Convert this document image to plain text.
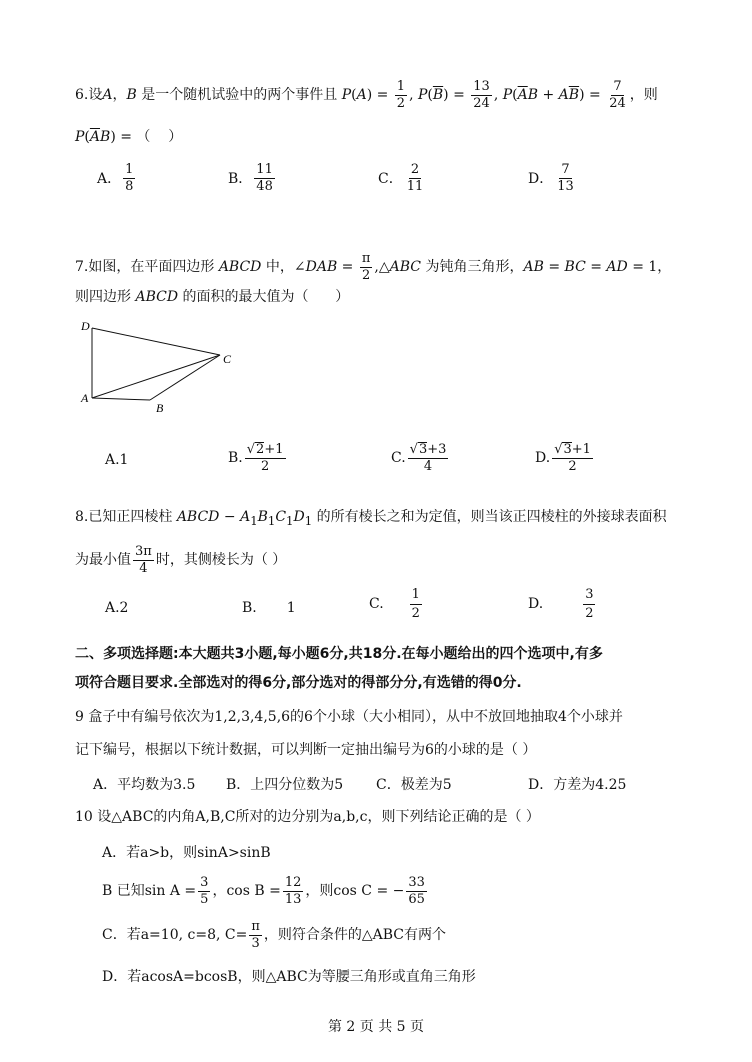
6.设A，B 是一个随机试验中的两个事件且 $P(A) = \frac{1}{2}$ , $P(\overline{B}) = \frac{13}{24}$ , $P(\overline{A}B + A\overline{B}) = \frac{7}{24}$ ，则
$P(\overline{A}B)$ = （    ）
A． $\frac{1}{8}$	B． $\frac{11}{48}$	C． $\frac{2}{11}$	D． $\frac{7}{13}$
7.如图，在平面四边形 ABCD 中，∠DAB = $\frac{\pi}{2}$ ,△ABC 为钝角三角形，AB = BC = AD = 1，
则四边形 ABCD 的面积的最大值为（      ）
D
A
B
C
A.1	B. $\frac{√2+1}{2}$	C. $\frac{√3+3}{4}$	D. $\frac{√3+1}{2}$
8.已知正四棱柱 ABCD − $A_1B_1C_1D_1$ 的所有棱长之和为定值，则当该正四棱柱的外接球表面积
为最小值 $\frac{3\pi}{4}$ 时，其侧棱长为（ ）
A.2	B. 1	C. $\frac{1}{2}$	D.	$\frac{3}{2}$
二、多项选择题:本大题共3小题,每小题6分,共18分.在每小题给出的四个选项中,有多
项符合题目要求.全部选对的得6分,部分选对的得部分分,有选错的得0分.
9 盒子中有编号依次为1,2,3,4,5,6的6个小球（大小相同），从中不放回地抽取4个小球并
记下编号，根据以下统计数据，可以判断一定抽出编号为6的小球的是（ ）
A．平均数为3.5 B．上四分位数为5 C．极差为5	D．方差为4.25
10 设△ABC的内角A,B,C所对的边分别为a,b,c，则下列结论正确的是（ ）
A．若a>b，则sinA>sinB
B 已知$\sin A = \frac{3}{5}$ ，$\cos B = \frac{12}{13}$ ，则cos C = − $\frac{33}{65}$
C．若a=10, c=8, $C= \frac{\pi}{3}$ ，则符合条件的△ABC有两个
D．若acosA=bcosB，则△ABC为等腰三角形或直角三角形
第 2 页 共 5 页
